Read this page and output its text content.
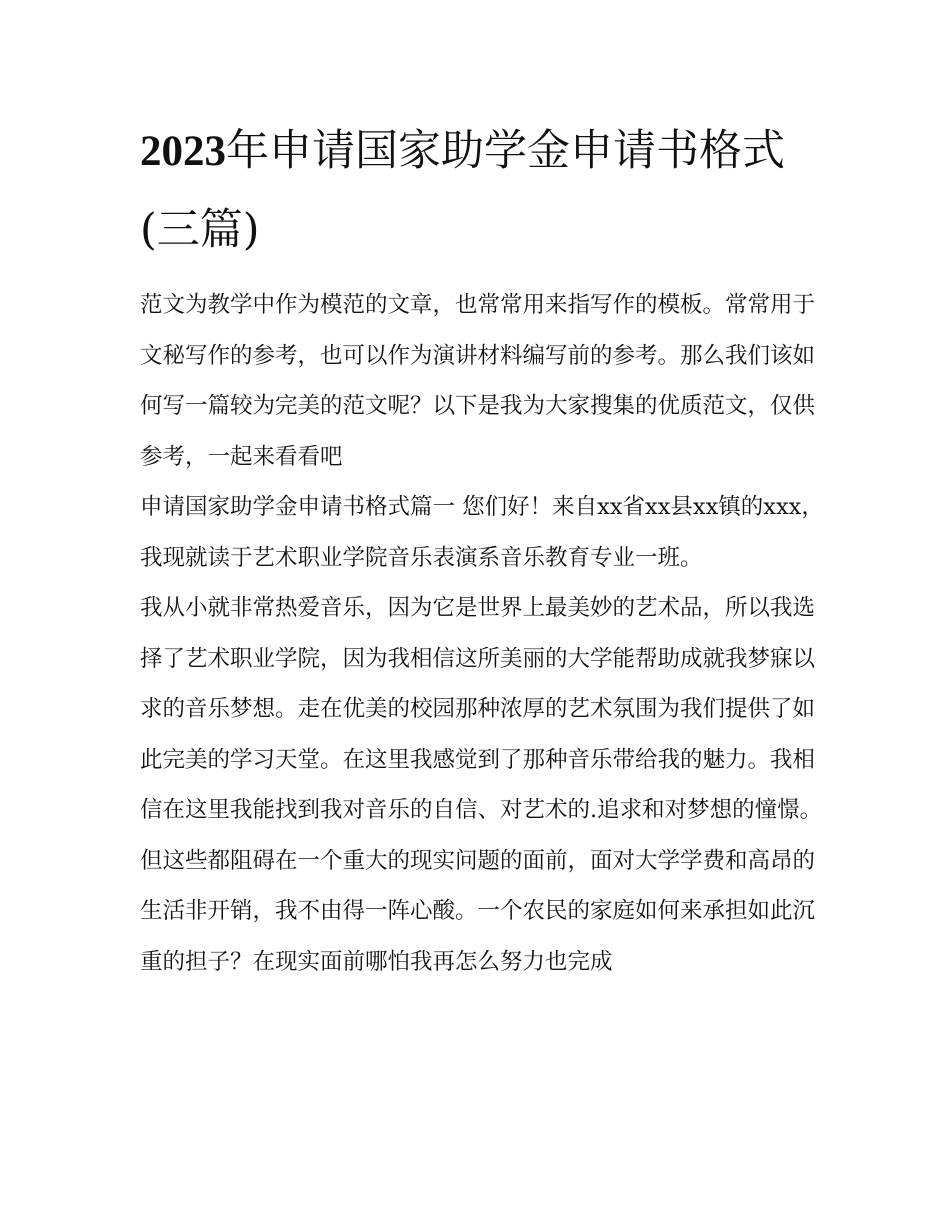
2023年申请国家助学金申请书格式(三篇)

范文为教学中作为模范的文章，也常常用来指写作的模板。常常用于文秘写作的参考，也可以作为演讲材料编写前的参考。那么我们该如何写一篇较为完美的范文呢？以下是我为大家搜集的优质范文，仅供参考，一起来看看吧

申请国家助学金申请书格式篇一 您们好！来自xx省xx县xx镇的xxx，我现就读于艺术职业学院音乐表演系音乐教育专业一班。

我从小就非常热爱音乐，因为它是世界上最美妙的艺术品，所以我选择了艺术职业学院，因为我相信这所美丽的大学能帮助成就我梦寐以求的音乐梦想。走在优美的校园那种浓厚的艺术氛围为我们提供了如此完美的学习天堂。在这里我感觉到了那种音乐带给我的魅力。我相信在这里我能找到我对音乐的自信、对艺术的.追求和对梦想的憧憬。

但这些都阻碍在一个重大的现实问题的面前，面对大学学费和高昂的生活非开销，我不由得一阵心酸。一个农民的家庭如何来承担如此沉重的担子？在现实面前哪怕我再怎么努力也完成
